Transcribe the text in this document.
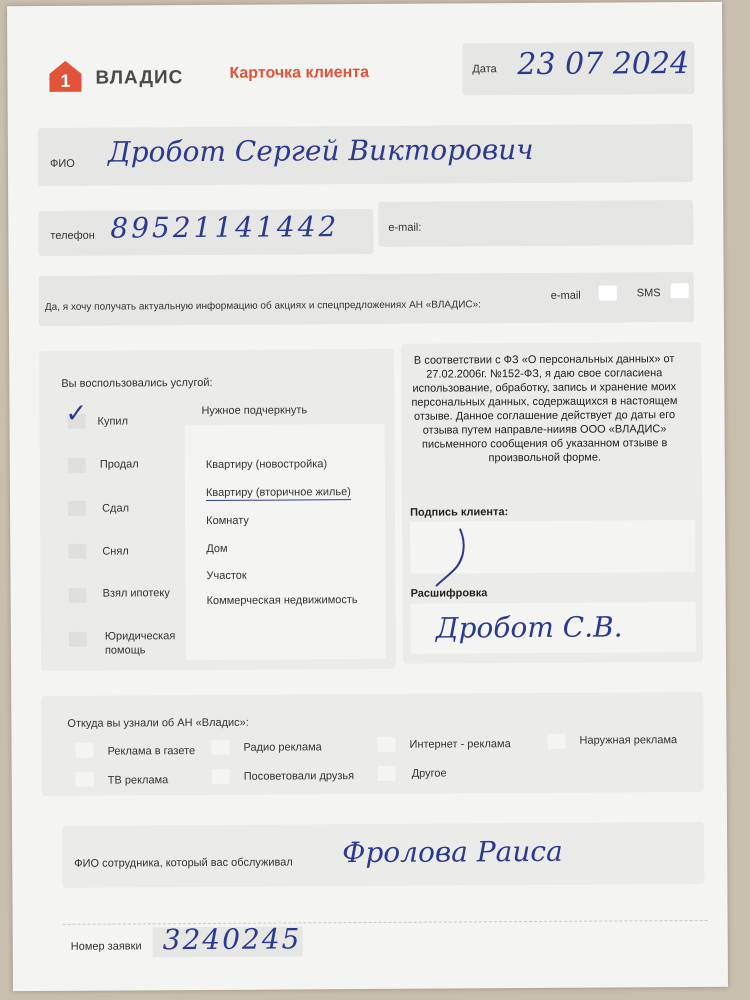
1 ВЛАДИС	Карточка клиента	Дата 23 07 2024
ФИО Дробот Сергей Викторович
телефон 89521141442	e-mail:
Да, я хочу получать актуальную информацию об акциях и спецпредложениях АН «ВЛАДИС»:
e-mail	SMS
Вы воспользовались услугой:
Нужное подчеркнуть
✓ Купил
Продал
Сдал
Снял
Взял ипотеку
Юридическая
помощь
Квартиру (новостройка)
Квартиру (вторичное жилье)
Комнату
Дом
Участок
Коммерческая недвижимость
В соответствии с ФЗ «О персональных данных» от 27.02.2006г. №152-ФЗ, я даю свое согласиена использование, обработку, запись и хранение моих персональных данных, содержащихся в настоящем отзыве. Данное соглашение действует до даты его отзыва путем направле-ниияв ООО «ВЛАДИС» письменного сообщения об указанном отзыве в произвольной форме.
Подпись клиента:
Расшифровка
Дробот С.В.
Откуда вы узнали об АН «Владис»:
Реклама в газете	Радио реклама	Интернет - реклама	Наружная реклама
ТВ реклама	Посоветовали друзья	Другое
ФИО сотрудника, который вас обслуживал Фролова Раиса
Номер заявки 3240245
